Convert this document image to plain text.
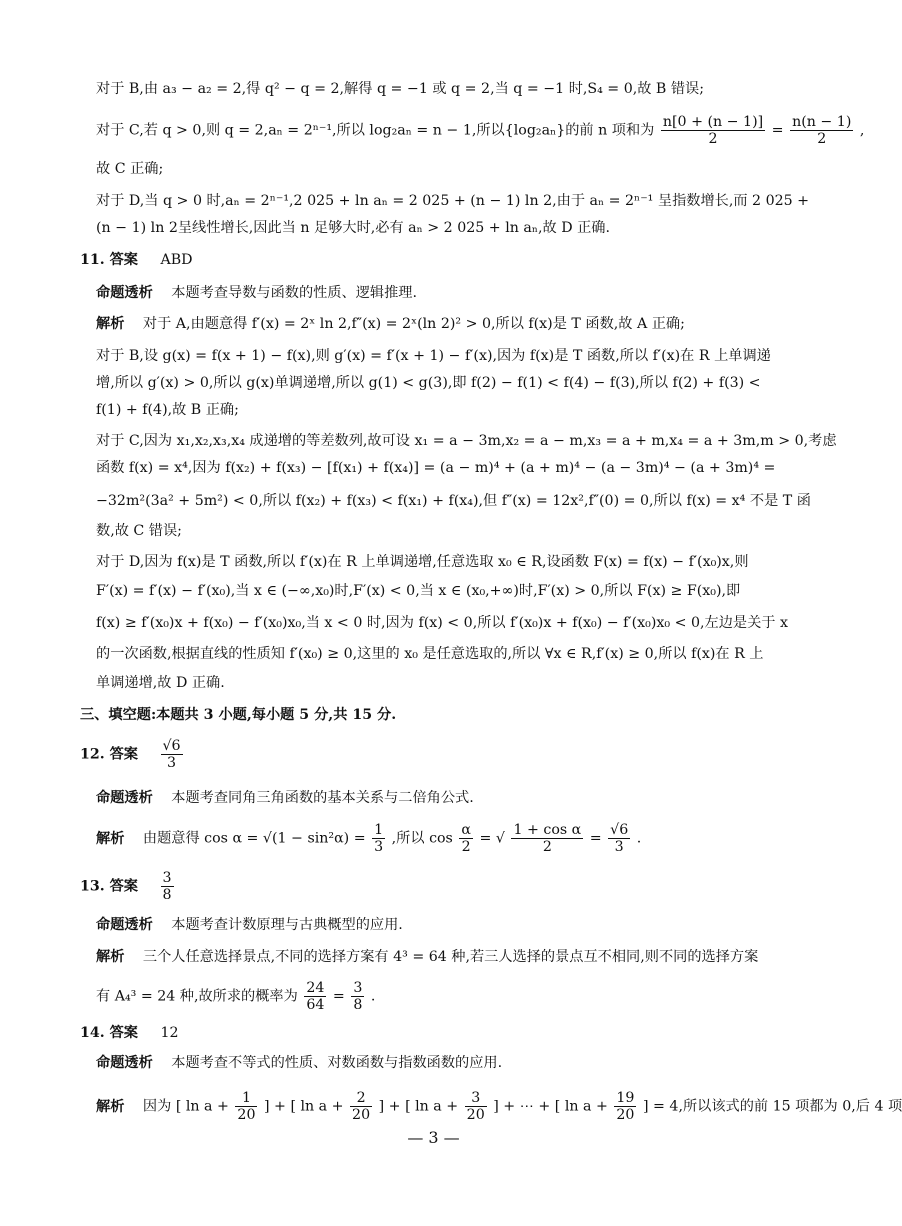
对于 B,由 a₃ − a₂ = 2,得 q² − q = 2,解得 q = −1 或 q = 2,当 q = −1 时,S₄ = 0,故 B 错误;
对于 C,若 q > 0,则 q = 2,aₙ = 2ⁿ⁻¹,所以 log₂aₙ = n − 1,所以{log₂aₙ}的前 n 项和为 $\frac{n[0 + (n - 1)]}{2} = \frac{n(n - 1)}{2}$ ,
故 C 正确;
对于 D,当 q > 0 时,aₙ = 2ⁿ⁻¹,2 025 + ln aₙ = 2 025 + (n − 1) ln 2,由于 aₙ = 2ⁿ⁻¹ 呈指数增长,而 2 025 +
(n − 1) ln 2呈线性增长,因此当 n 足够大时,必有 aₙ > 2 025 + ln aₙ,故 D 正确.
11. 答案 ABD
命题透析 本题考查导数与函数的性质、逻辑推理.
解析 对于 A,由题意得 f′(x) = 2ˣ ln 2,f″(x) = 2ˣ(ln 2)² > 0,所以 f(x)是 T 函数,故 A 正确;
对于 B,设 g(x) = f(x + 1) − f(x),则 g′(x) = f′(x + 1) − f′(x),因为 f(x)是 T 函数,所以 f′(x)在 R 上单调递
增,所以 g′(x) > 0,所以 g(x)单调递增,所以 g(1) < g(3),即 f(2) − f(1) < f(4) − f(3),所以 f(2) + f(3) <
f(1) + f(4),故 B 正确;
对于 C,因为 x₁,x₂,x₃,x₄ 成递增的等差数列,故可设 x₁ = a − 3m,x₂ = a − m,x₃ = a + m,x₄ = a + 3m,m > 0,考虑
函数 f(x) = x⁴,因为 f(x₂) + f(x₃) − [f(x₁) + f(x₄)] = (a − m)⁴ + (a + m)⁴ − (a − 3m)⁴ − (a + 3m)⁴ =
−32m²(3a² + 5m²) < 0,所以 f(x₂) + f(x₃) < f(x₁) + f(x₄),但 f″(x) = 12x²,f″(0) = 0,所以 f(x) = x⁴ 不是 T 函
数,故 C 错误;
对于 D,因为 f(x)是 T 函数,所以 f′(x)在 R 上单调递增,任意选取 x₀ ∈ R,设函数 F(x) = f(x) − f′(x₀)x,则
F′(x) = f′(x) − f′(x₀),当 x ∈ (−∞,x₀)时,F′(x) < 0,当 x ∈ (x₀,+∞)时,F′(x) > 0,所以 F(x) ≥ F(x₀),即
f(x) ≥ f′(x₀)x + f(x₀) − f′(x₀)x₀,当 x < 0 时,因为 f(x) < 0,所以 f′(x₀)x + f(x₀) − f′(x₀)x₀ < 0,左边是关于 x
的一次函数,根据直线的性质知 f′(x₀) ≥ 0,这里的 x₀ 是任意选取的,所以 ∀x ∈ R,f′(x) ≥ 0,所以 f(x)在 R 上
单调递增,故 D 正确.
三、填空题:本题共 3 小题,每小题 5 分,共 15 分.
12. 答案 $\frac{√6}{3}$
命题透析 本题考查同角三角函数的基本关系与二倍角公式.
解析 由题意得 $\cos \alpha = √(1 - \sin^2\alpha) = \frac{1}{3}$ ,所以 $\cos \frac{\alpha}{2}$ = √ $\frac{\text{1 + cos α}}{2} = \frac{√6}{3}$ .
13. 答案 $\frac{3}{8}$
命题透析 本题考查计数原理与古典概型的应用.
解析 三个人任意选择景点,不同的选择方案有 4³ = 64 种,若三人选择的景点互不相同,则不同的选择方案
有 A₄³ = 24 种,故所求的概率为 $\frac{24}{64} = \frac{3}{8}$ .
14. 答案 12
命题透析 本题考查不等式的性质、对数函数与指数函数的应用.
解析 因为 [ $\ln a + \frac{1}{20}$ ] + [ $\ln a + \frac{2}{20}$ ] + [ $\ln a + \frac{3}{20}$ ] + ⋯ + [ $\ln a + \frac{19}{20}$ ] = 4,所以该式的前 15 项都为 0,后 4 项
— 3 —
